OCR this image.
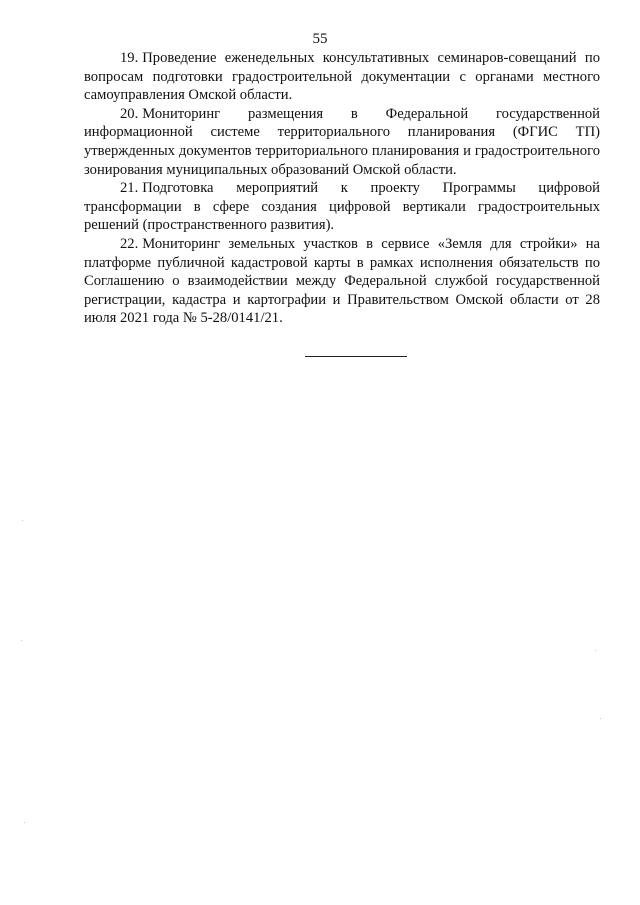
55

19. Проведение еженедельных консультативных семинаров-совещаний по вопросам подготовки градостроительной документации с органами местного самоуправления Омской области.

20. Мониторинг размещения в Федеральной государственной информационной системе территориального планирования (ФГИС ТП) утвержденных документов территориального планирования и градостроительного зонирования муниципальных образований Омской области.

21. Подготовка мероприятий к проекту Программы цифровой трансформации в сфере создания цифровой вертикали градостроительных решений (пространственного развития).

22. Мониторинг земельных участков в сервисе «Земля для стройки» на платформе публичной кадастровой карты в рамках исполнения обязательств по Соглашению о взаимодействии между Федеральной службой государственной регистрации, кадастра и картографии и Правительством Омской области от 28 июля 2021 года № 5-28/0141/21.
